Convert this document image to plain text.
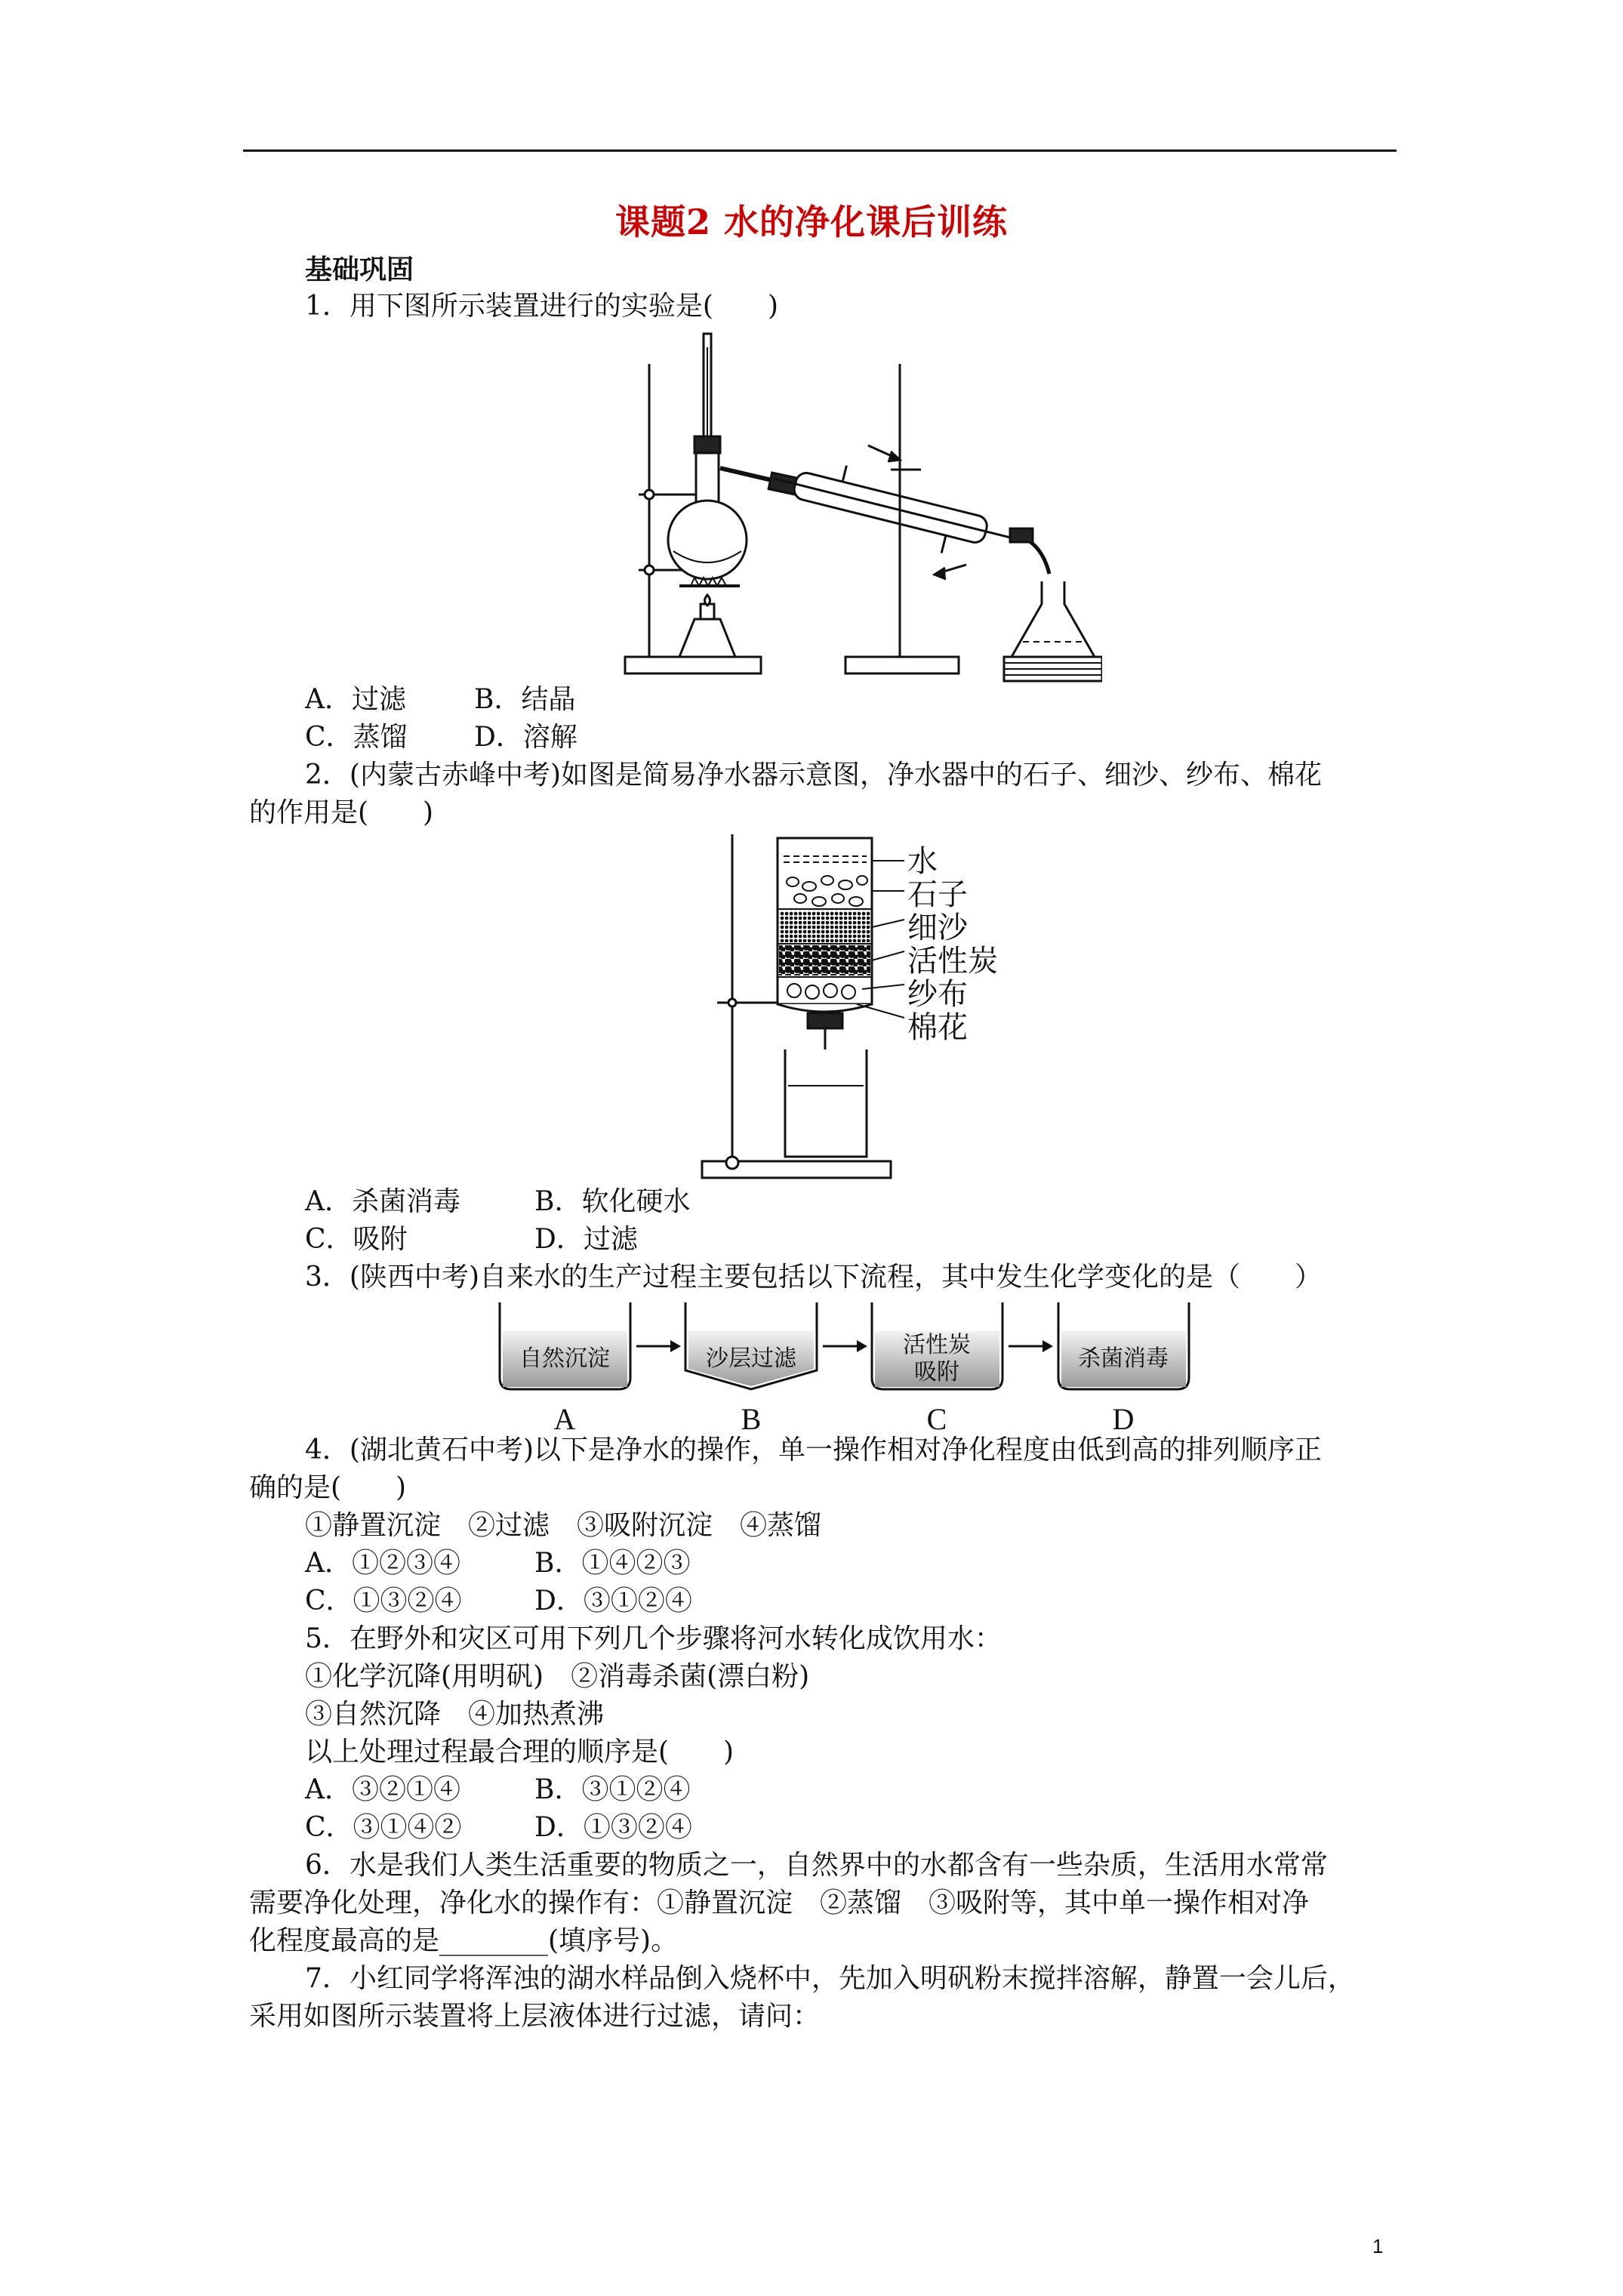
课题2 水的净化课后训练
基础巩固
1．用下图所示装置进行的实验是(　　)
A．过滤	B．结晶
C．蒸馏 D．溶解
2．(内蒙古赤峰中考)如图是简易净水器示意图，净水器中的石子、细沙、纱布、棉花
的作用是(　　)
水
石子
细沙
活性炭
纱布
棉花
A．杀菌消毒	B．软化硬水
C．吸附	D．过滤
3．(陕西中考)自来水的生产过程主要包括以下流程，其中发生化学变化的是（　　）
自然沉淀	沙层过滤
活性炭
吸附
杀菌消毒
A	B	C	D
4．(湖北黄石中考)以下是净水的操作，单一操作相对净化程度由低到高的排列顺序正
确的是(　　)
①静置沉淀　②过滤　③吸附沉淀　④蒸馏
A．①②③④	B．①④②③
C．①③②④	D．③①②④
5．在野外和灾区可用下列几个步骤将河水转化成饮用水：
①化学沉降(用明矾)　②消毒杀菌(漂白粉)
③自然沉降　④加热煮沸
以上处理过程最合理的顺序是(　　)
A．③②①④	B．③①②④
C．③①④②	D．①③②④
6．水是我们人类生活重要的物质之一，自然界中的水都含有一些杂质，生活用水常常
需要净化处理，净化水的操作有：①静置沉淀　②蒸馏　③吸附等，其中单一操作相对净
化程度最高的是________(填序号)。
7．小红同学将浑浊的湖水样品倒入烧杯中，先加入明矾粉末搅拌溶解，静置一会儿后，
采用如图所示装置将上层液体进行过滤，请问：
1
